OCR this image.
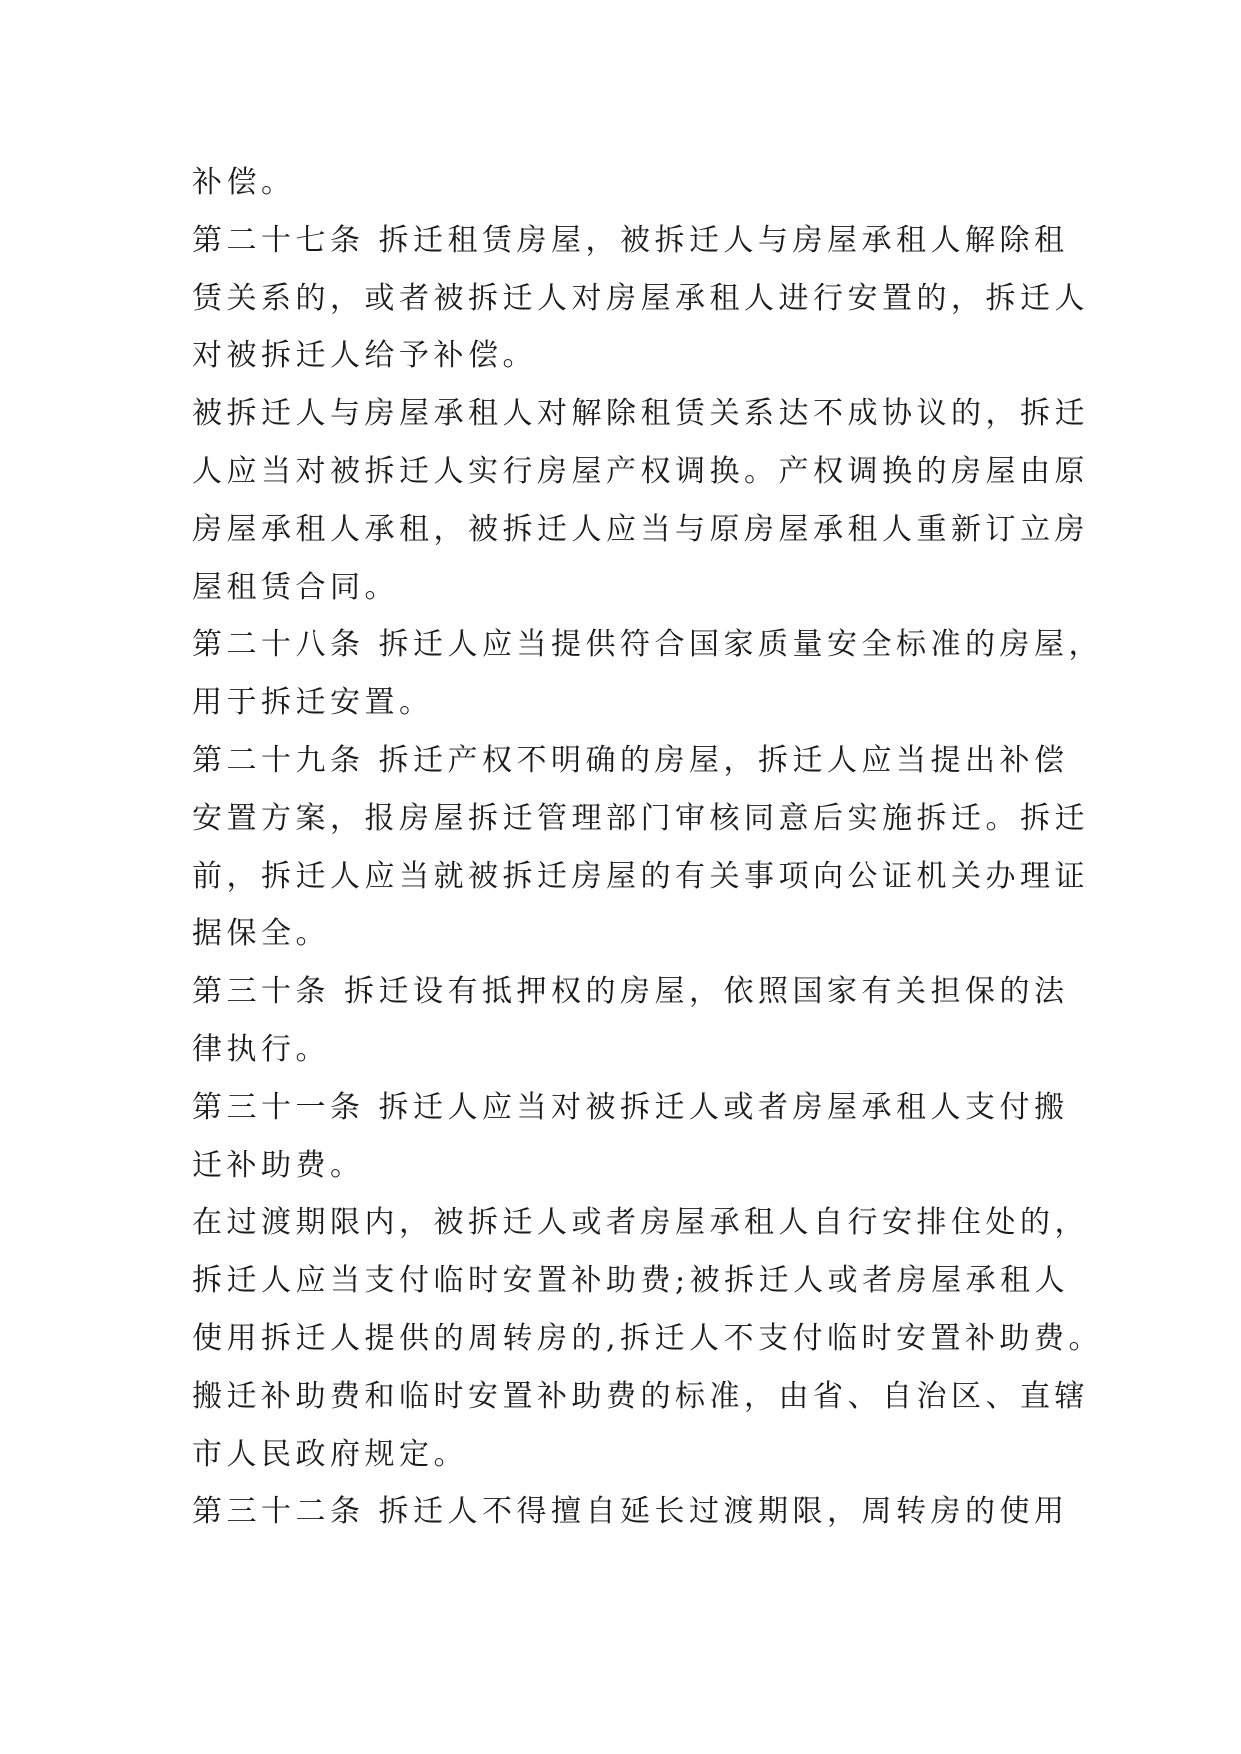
补偿。
第二十七条 拆迁租赁房屋，被拆迁人与房屋承租人解除租
赁关系的，或者被拆迁人对房屋承租人进行安置的，拆迁人
对被拆迁人给予补偿。
被拆迁人与房屋承租人对解除租赁关系达不成协议的，拆迁
人应当对被拆迁人实行房屋产权调换。产权调换的房屋由原
房屋承租人承租，被拆迁人应当与原房屋承租人重新订立房
屋租赁合同。
第二十八条 拆迁人应当提供符合国家质量安全标准的房屋，
用于拆迁安置。
第二十九条 拆迁产权不明确的房屋，拆迁人应当提出补偿
安置方案，报房屋拆迁管理部门审核同意后实施拆迁。拆迁
前，拆迁人应当就被拆迁房屋的有关事项向公证机关办理证
据保全。
第三十条 拆迁设有抵押权的房屋，依照国家有关担保的法
律执行。
第三十一条 拆迁人应当对被拆迁人或者房屋承租人支付搬
迁补助费。
在过渡期限内，被拆迁人或者房屋承租人自行安排住处的，
拆迁人应当支付临时安置补助费;被拆迁人或者房屋承租人
使用拆迁人提供的周转房的,拆迁人不支付临时安置补助费。
搬迁补助费和临时安置补助费的标准，由省、自治区、直辖
市人民政府规定。
第三十二条 拆迁人不得擅自延长过渡期限，周转房的使用
